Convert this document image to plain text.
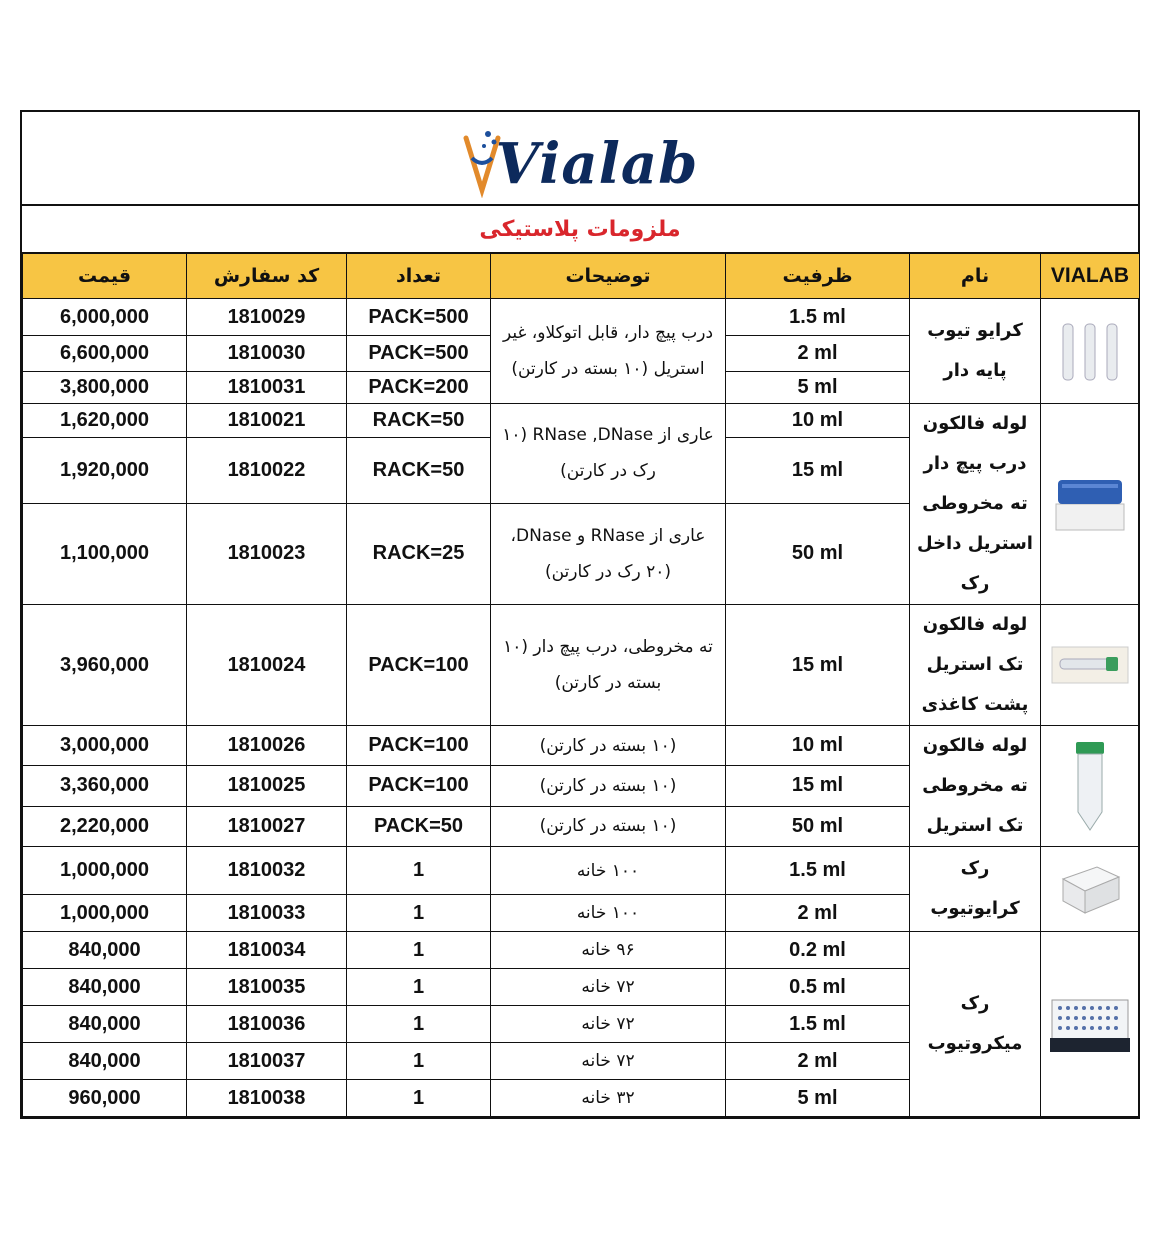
Vialab
ملزومات پلاستیکی
قیمت	کد سفارش	تعداد	توضیحات	ظرفیت	نام	VIALAB
6,000,000	1810029	PACK=500	درب پیچ دار، قابل اتوکلاو، غیر استریل (۱۰ بسته در کارتن)	1.5 ml	کرایو تیوب پایه دار	

6,600,000	1810030	PACK=500		2 ml		
3,800,000	1810031	PACK=200		5 ml		
1,620,000	1810021	RACK=50	عاری از RNase ,DNase (۱۰ رک در کارتن)	10 ml	لوله فالکون درب پیچ دار ته مخروطی استریل داخل رک	

1,920,000	1810022	RACK=50		15 ml		
1,100,000	1810023	RACK=25	عاری از RNase و DNase، (۲۰ رک در کارتن)	50 ml		
3,960,000	1810024	PACK=100	ته مخروطی، درب پیچ دار (۱۰ بسته در کارتن)	15 ml	لوله فالکون تک استریل پشت کاغذی	

3,000,000	1810026	PACK=100	(۱۰ بسته در کارتن)	10 ml	لوله فالکون ته مخروطی تک استریل	

3,360,000	1810025	PACK=100	(۱۰ بسته در کارتن)	15 ml		
2,220,000	1810027	PACK=50	(۱۰ بسته در کارتن)	50 ml		
1,000,000	1810032	1	۱۰۰ خانه	1.5 ml	رک کرایوتیوب	

1,000,000	1810033	1	۱۰۰ خانه	2 ml		
840,000	1810034	1	۹۶ خانه	0.2 ml	رک میکروتیوب	

840,000	1810035	1	۷۲ خانه	0.5 ml		
840,000	1810036	1	۷۲ خانه	1.5 ml		
840,000	1810037	1	۷۲ خانه	2 ml		
960,000	1810038	1	۳۲ خانه	5 ml		
